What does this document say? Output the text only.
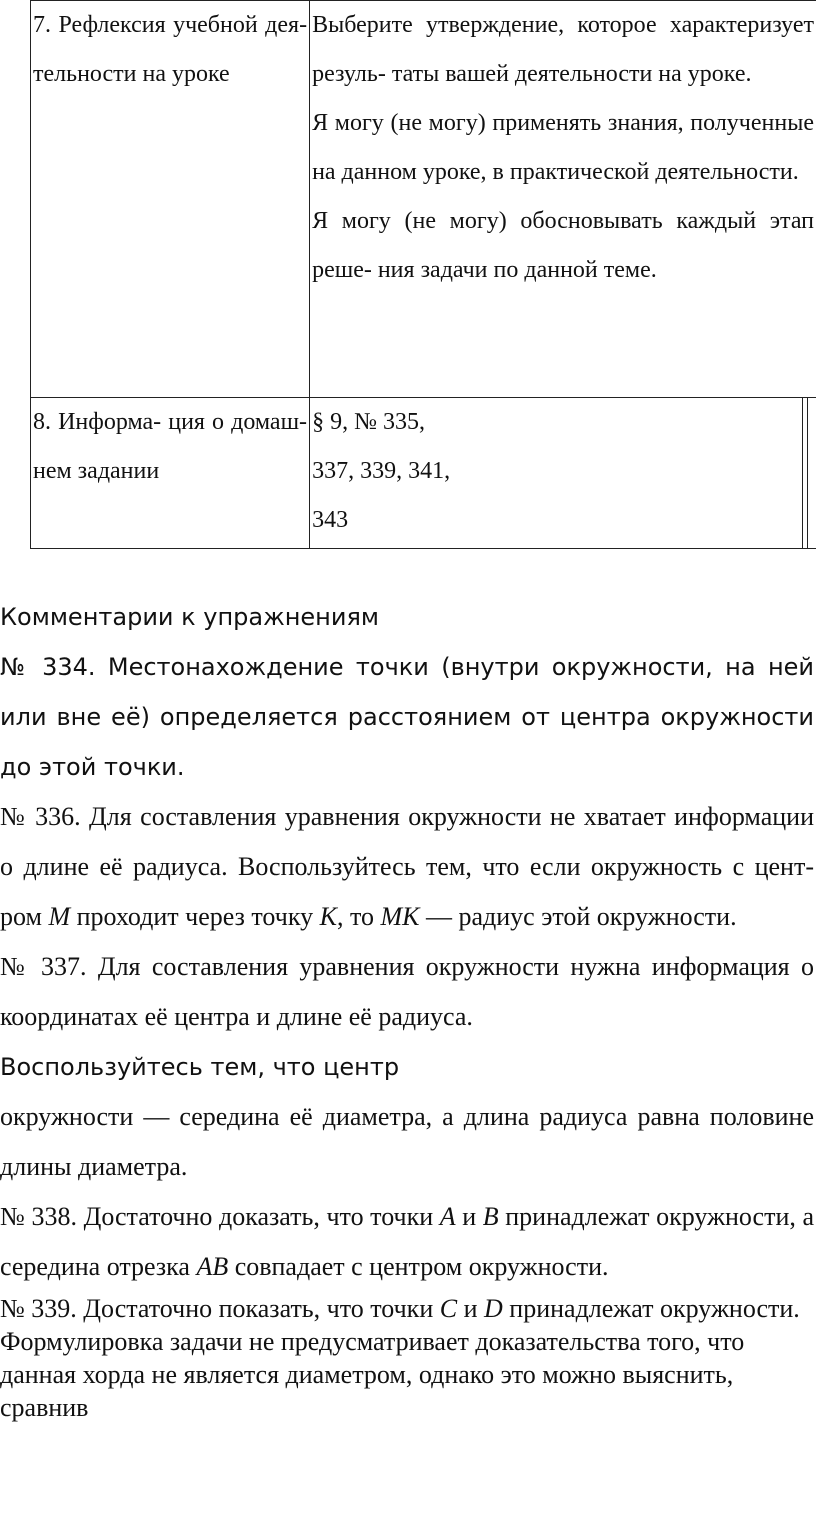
7. Рефлексия учебной дея- тельности на уроке	Выберите утверждение, которое характеризует резуль- таты вашей деятельности на уроке.
Я могу (не могу) применять знания, полученные на данном уроке, в практической деятельности.
Я могу (не могу) обосновывать каждый этап реше- ния задачи по данной теме.

8. Информа- ция о домаш- нем задании	§ 9, № 335,
337, 339, 341,
343

Комментарии к упражнениям

№ 334. Местонахождение точки (внутри окружности, на ней или вне её) определяется расстоянием от центра окружности до этой точки.

№ 336. Для составления уравнения окружности не хватает информации о длине её радиуса. Воспользуйтесь тем, что если окружность с цент- ром M проходит через точку K, то MK — радиус этой окружности.

№ 337. Для составления уравнения окружности нужна информация о координатах её центра и длине её радиуса.

Воспользуйтесь тем, что центр

окружности — середина её диаметра, а длина радиуса равна половине длины диаметра.

№ 338. Достаточно доказать, что точки A и B принадлежат окружности, а середина отрезка AB совпадает с центром окружности.

№ 339. Достаточно показать, что точки C и D принадлежат окружности. Формулировка задачи не предусматривает доказательства того, что данная хорда не является диаметром, однако это можно выяснить, сравнив
